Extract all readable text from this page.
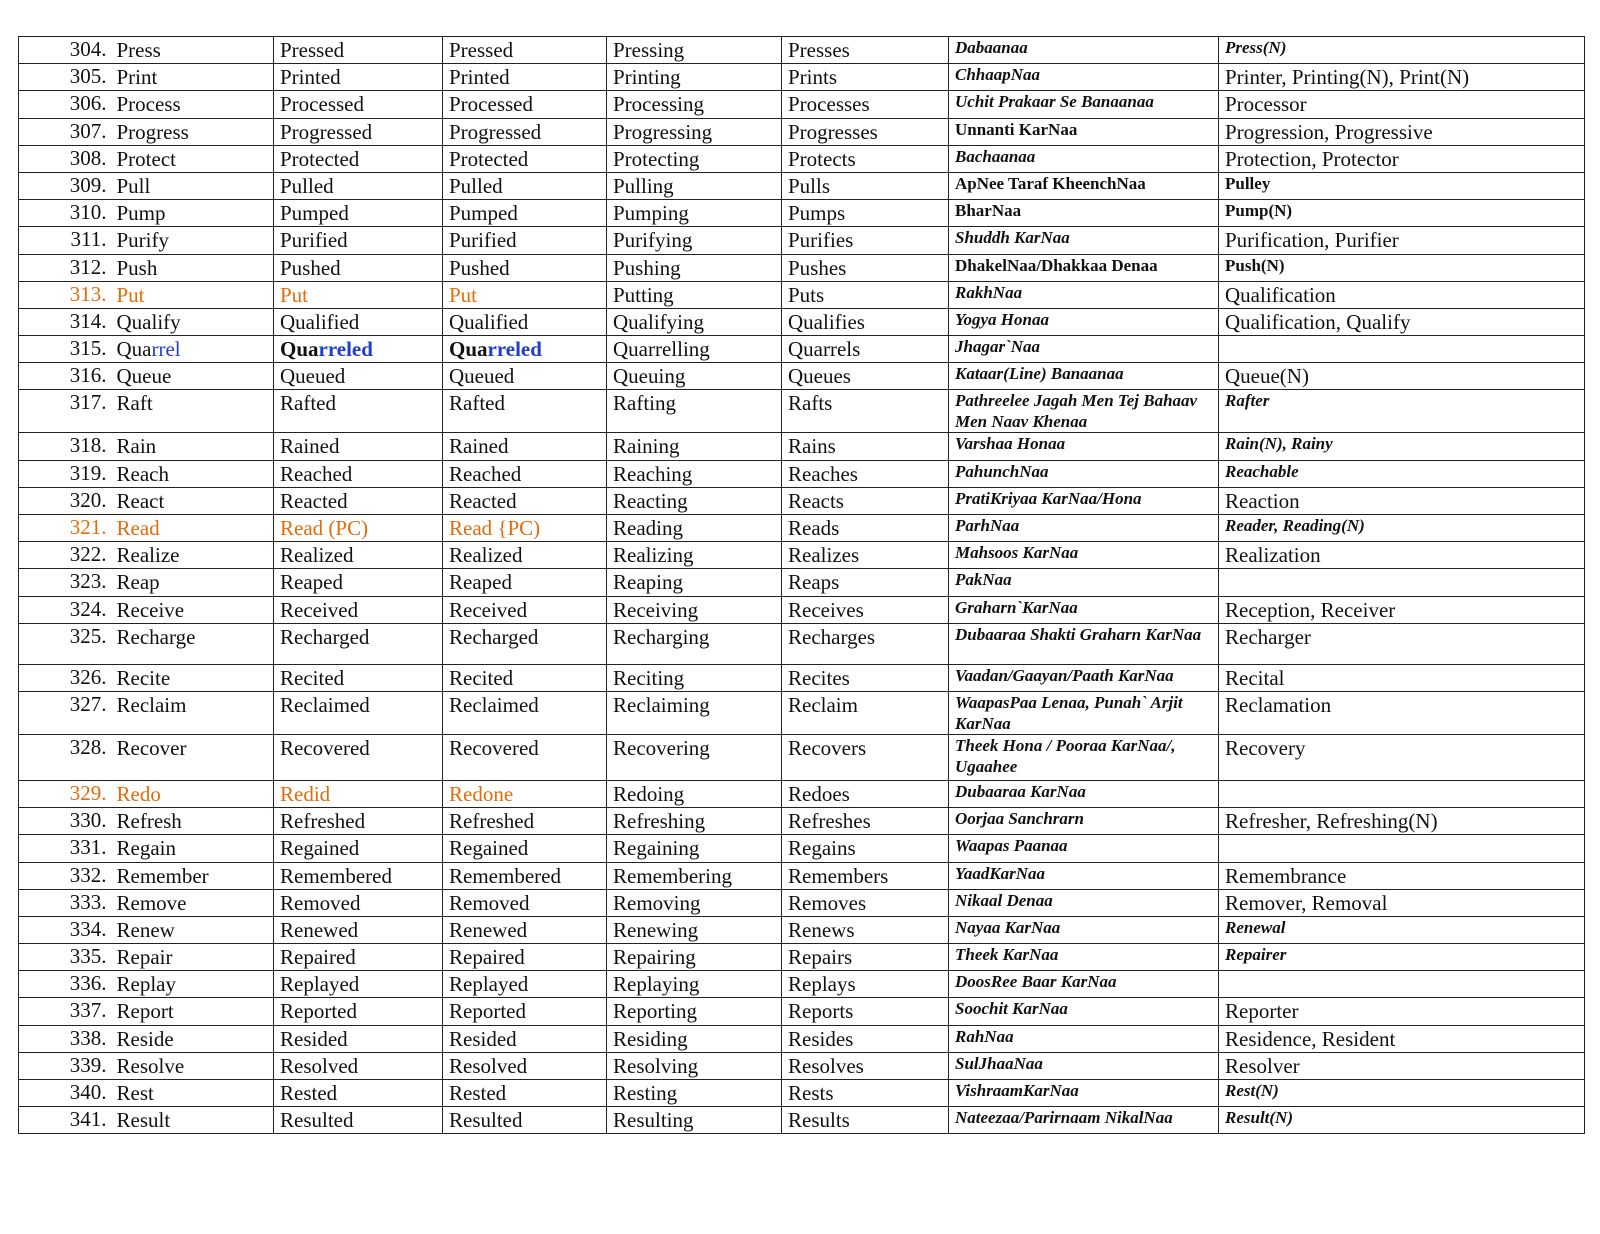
304.	Press	Pressed	Pressed	Pressing	Presses	Dabaanaa	Press(N)
305.	Print	Printed	Printed	Printing	Prints	ChhaapNaa	Printer, Printing(N), Print(N)
306.	Process	Processed	Processed	Processing	Processes	Uchit Prakaar Se Banaanaa	Processor
307.	Progress	Progressed	Progressed	Progressing	Progresses	Unnanti KarNaa	Progression, Progressive
308.	Protect	Protected	Protected	Protecting	Protects	Bachaanaa	Protection, Protector
309.	Pull	Pulled	Pulled	Pulling	Pulls	ApNee Taraf KheenchNaa	Pulley
310.	Pump	Pumped	Pumped	Pumping	Pumps	BharNaa	Pump(N)
311.	Purify	Purified	Purified	Purifying	Purifies	Shuddh KarNaa	Purification, Purifier
312.	Push	Pushed	Pushed	Pushing	Pushes	DhakelNaa/Dhakkaa Denaa	Push(N)
313.	Put	Put	Put	Putting	Puts	RakhNaa	Qualification
314.	Qualify	Qualified	Qualified	Qualifying	Qualifies	Yogya Honaa	Qualification, Qualify
315.	Quarrel	Quarreled	Quarreled	Quarrelling	Quarrels	Jhagar`Naa	
316.	Queue	Queued	Queued	Queuing	Queues	Kataar(Line) Banaanaa	Queue(N)
317.	Raft	Rafted	Rafted	Rafting	Rafts	Pathreelee Jagah Men Tej Bahaav Men Naav Khenaa	Rafter
318.	Rain	Rained	Rained	Raining	Rains	Varshaa Honaa	Rain(N), Rainy
319.	Reach	Reached	Reached	Reaching	Reaches	PahunchNaa	Reachable
320.	React	Reacted	Reacted	Reacting	Reacts	PratiKriyaa KarNaa/Hona	Reaction
321.	Read	Read (PC)	Read {PC)	Reading	Reads	ParhNaa	Reader, Reading(N)
322.	Realize	Realized	Realized	Realizing	Realizes	Mahsoos KarNaa	Realization
323.	Reap	Reaped	Reaped	Reaping	Reaps	PakNaa	
324.	Receive	Received	Received	Receiving	Receives	Graharn`KarNaa	Reception, Receiver
325.	Recharge	Recharged	Recharged	Recharging	Recharges	Dubaaraa Shakti Graharn KarNaa	Recharger
326.	Recite	Recited	Recited	Reciting	Recites	Vaadan/Gaayan/Paath KarNaa	Recital
327.	Reclaim	Reclaimed	Reclaimed	Reclaiming	Reclaim	WaapasPaa Lenaa, Punah` Arjit KarNaa	Reclamation
328.	Recover	Recovered	Recovered	Recovering	Recovers	Theek Hona / Pooraa KarNaa/, Ugaahee	Recovery
329.	Redo	Redid	Redone	Redoing	Redoes	Dubaaraa KarNaa	
330.	Refresh	Refreshed	Refreshed	Refreshing	Refreshes	Oorjaa Sanchrarn	Refresher, Refreshing(N)
331.	Regain	Regained	Regained	Regaining	Regains	Waapas Paanaa	
332.	Remember	Remembered	Remembered	Remembering	Remembers	YaadKarNaa	Remembrance
333.	Remove	Removed	Removed	Removing	Removes	Nikaal Denaa	Remover, Removal
334.	Renew	Renewed	Renewed	Renewing	Renews	Nayaa KarNaa	Renewal
335.	Repair	Repaired	Repaired	Repairing	Repairs	Theek KarNaa	Repairer
336.	Replay	Replayed	Replayed	Replaying	Replays	DoosRee Baar KarNaa	
337.	Report	Reported	Reported	Reporting	Reports	Soochit KarNaa	Reporter
338.	Reside	Resided	Resided	Residing	Resides	RahNaa	Residence, Resident
339.	Resolve	Resolved	Resolved	Resolving	Resolves	SulJhaaNaa	Resolver
340.	Rest	Rested	Rested	Resting	Rests	VishraamKarNaa	Rest(N)
341.	Result	Resulted	Resulted	Resulting	Results	Nateezaa/Parirnaam NikalNaa	Result(N)
